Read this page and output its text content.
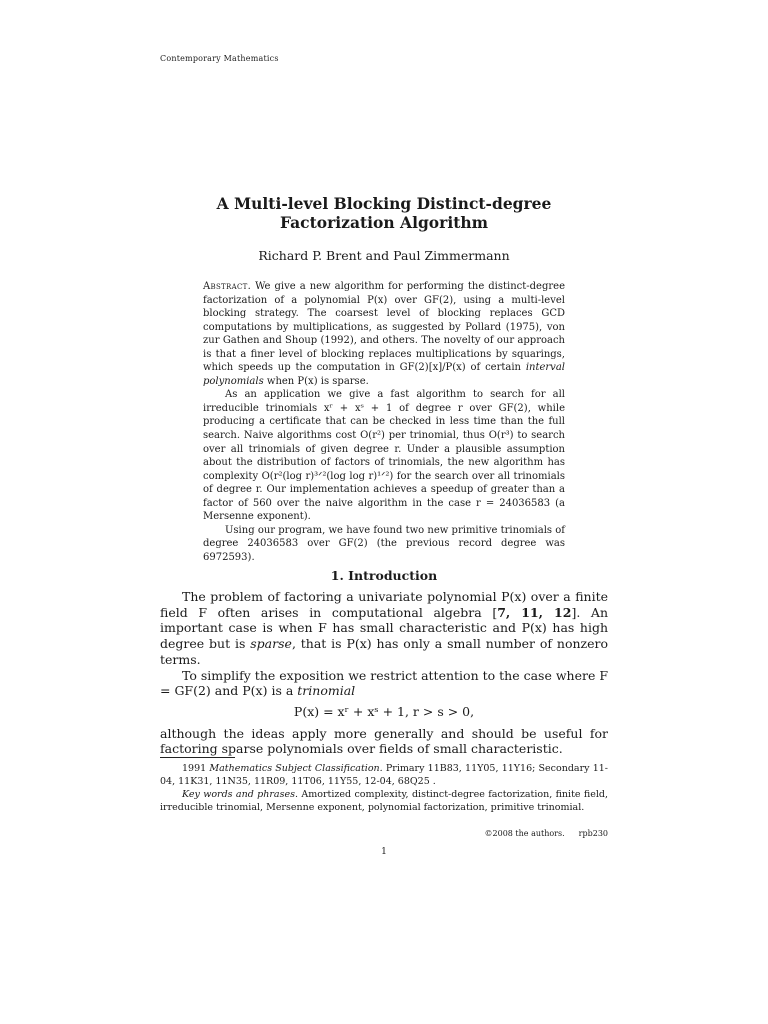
Contemporary Mathematics
A Multi-level Blocking Distinct-degree
Factorization Algorithm
Richard P. Brent and Paul Zimmermann

Abstract. We give a new algorithm for performing the distinct-degree factorization of a polynomial P(x) over GF(2), using a multi-level blocking strategy. The coarsest level of blocking replaces GCD computations by multiplications, as suggested by Pollard (1975), von zur Gathen and Shoup (1992), and others. The novelty of our approach is that a finer level of blocking replaces multiplications by squarings, which speeds up the computation in GF(2)[x]/P(x) of certain interval polynomials when P(x) is sparse.

As an application we give a fast algorithm to search for all irreducible trinomials xʳ + xˢ + 1 of degree r over GF(2), while producing a certificate that can be checked in less time than the full search. Naive algorithms cost O(r²) per trinomial, thus O(r³) to search over all trinomials of given degree r. Under a plausible assumption about the distribution of factors of trinomials, the new algorithm has complexity O(r²(log r)³ᐟ²(log log r)¹ᐟ²) for the search over all trinomials of degree r. Our implementation achieves a speedup of greater than a factor of 560 over the naive algorithm in the case r = 24036583 (a Mersenne exponent).

Using our program, we have found two new primitive trinomials of degree 24036583 over GF(2) (the previous record degree was 6972593).

1. Introduction

The problem of factoring a univariate polynomial P(x) over a finite field F often arises in computational algebra [7, 11, 12]. An important case is when F has small characteristic and P(x) has high degree but is sparse, that is P(x) has only a small number of nonzero terms.

To simplify the exposition we restrict attention to the case where F = GF(2) and P(x) is a trinomial

P(x) = xʳ + xˢ + 1, r > s > 0,

although the ideas apply more generally and should be useful for factoring sparse polynomials over fields of small characteristic.

1991 Mathematics Subject Classification. Primary 11B83, 11Y05, 11Y16; Secondary 11-04, 11K31, 11N35, 11R09, 11T06, 11Y55, 12-04, 68Q25 .

Key words and phrases. Amortized complexity, distinct-degree factorization, finite field, irreducible trinomial, Mersenne exponent, polynomial factorization, primitive trinomial.

©2008 the authors. rpb230
1
